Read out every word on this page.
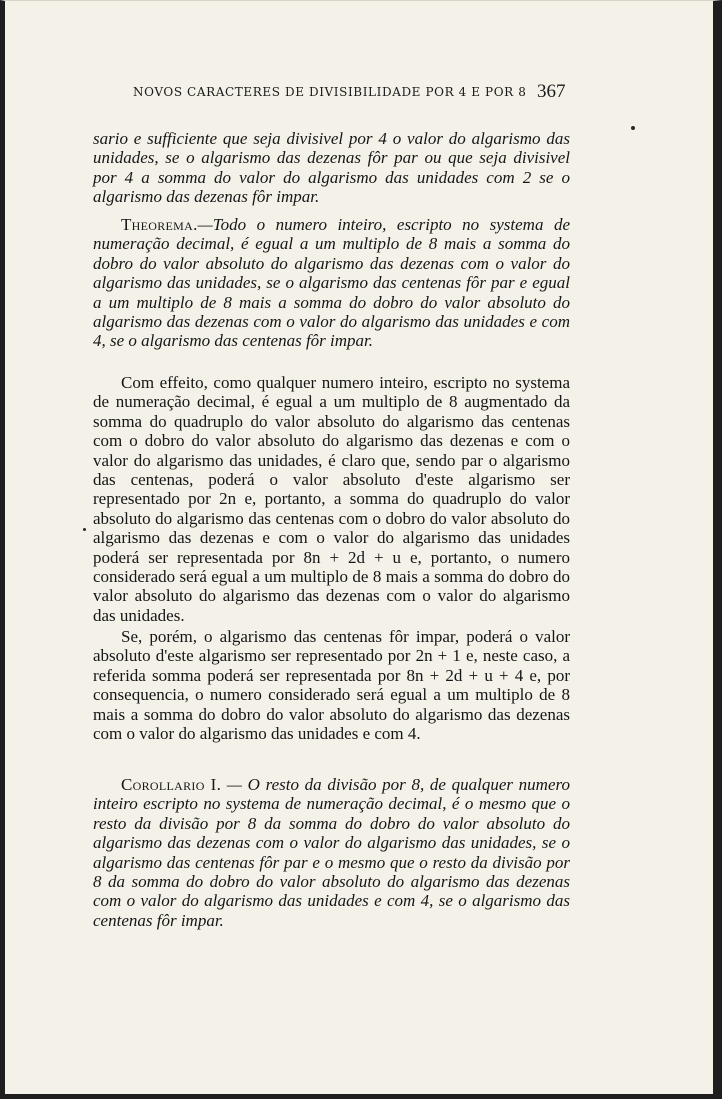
NOVOS CARACTERES DE DIVISIBILIDADE POR 4 E POR 8 367
sario e sufficiente que seja divisivel por 4 o valor do algarismo das unidades, se o algarismo das dezenas fôr par ou que seja divisivel por 4 a somma do valor do algarismo das unidades com 2 se o algarismo das dezenas fôr impar.
Theorema.—Todo o numero inteiro, escripto no systema de numeração decimal, é egual a um multiplo de 8 mais a somma do dobro do valor absoluto do algarismo das dezenas com o valor do algarismo das unidades, se o algarismo das centenas fôr par e egual a um multiplo de 8 mais a somma do dobro do valor absoluto do algarismo das dezenas com o valor do algarismo das unidades e com 4, se o algarismo das centenas fôr impar.
Com effeito, como qualquer numero inteiro, escripto no systema de numeração decimal, é egual a um multiplo de 8 augmentado da somma do quadruplo do valor absoluto do algarismo das centenas com o dobro do valor absoluto do algarismo das dezenas e com o valor do algarismo das unidades, é claro que, sendo par o algarismo das centenas, poderá o valor absoluto d'este algarismo ser representado por 2n e, portanto, a somma do quadruplo do valor absoluto do algarismo das centenas com o dobro do valor absoluto do algarismo das dezenas e com o valor do algarismo das unidades poderá ser representada por 8n + 2d + u e, portanto, o numero considerado será egual a um multiplo de 8 mais a somma do dobro do valor absoluto do algarismo das dezenas com o valor do algarismo das unidades.
Se, porém, o algarismo das centenas fôr impar, poderá o valor absoluto d'este algarismo ser representado por 2n + 1 e, neste caso, a referida somma poderá ser representada por 8n + 2d + u + 4 e, por consequencia, o numero considerado será egual a um multiplo de 8 mais a somma do dobro do valor absoluto do algarismo das dezenas com o valor do algarismo das unidades e com 4.
Corollario I. — O resto da divisão por 8, de qualquer numero inteiro escripto no systema de numeração decimal, é o mesmo que o resto da divisão por 8 da somma do dobro do valor absoluto do algarismo das dezenas com o valor do algarismo das unidades, se o algarismo das centenas fôr par e o mesmo que o resto da divisão por 8 da somma do dobro do valor absoluto do algarismo das dezenas com o valor do algarismo das unidades e com 4, se o algarismo das centenas fôr impar.
